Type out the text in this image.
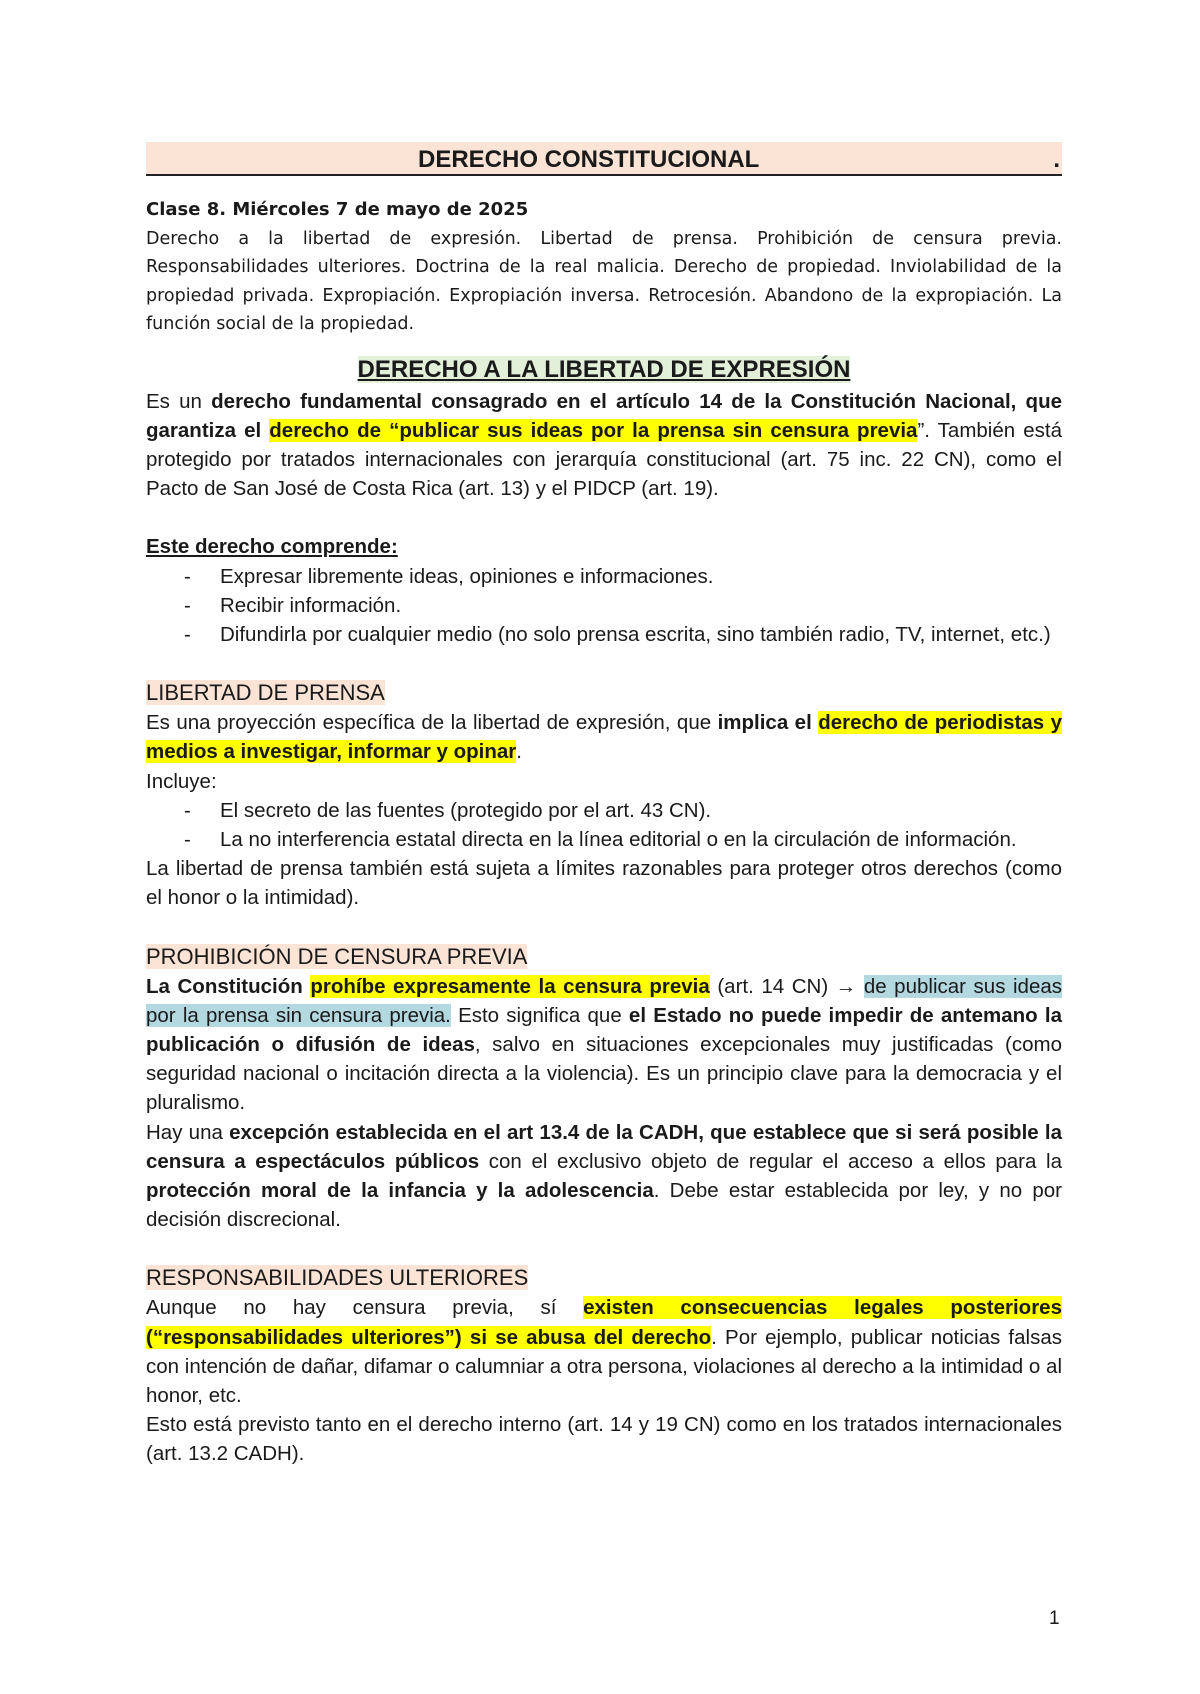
DERECHO CONSTITUCIONAL	.

Clase 8. Miércoles 7 de mayo de 2025

Derecho a la libertad de expresión. Libertad de prensa. Prohibición de censura previa. Responsabilidades ulteriores. Doctrina de la real malicia. Derecho de propiedad. Inviolabilidad de la propiedad privada. Expropiación. Expropiación inversa. Retrocesión. Abandono de la expropiación. La función social de la propiedad.

DERECHO A LA LIBERTAD DE EXPRESIÓN

Es un derecho fundamental consagrado en el artículo 14 de la Constitución Nacional, que garantiza el derecho de “publicar sus ideas por la prensa sin censura previa”. También está protegido por tratados internacionales con jerarquía constitucional (art. 75 inc. 22 CN), como el Pacto de San José de Costa Rica (art. 13) y el PIDCP (art. 19).

Este derecho comprende:

- Expresar libremente ideas, opiniones e informaciones.
- Recibir información.
- Difundirla por cualquier medio (no solo prensa escrita, sino también radio, TV, internet, etc.)

LIBERTAD DE PRENSA

Es una proyección específica de la libertad de expresión, que implica el derecho de periodistas y medios a investigar, informar y opinar.

Incluye:

- El secreto de las fuentes (protegido por el art. 43 CN).
- La no interferencia estatal directa en la línea editorial o en la circulación de información.

La libertad de prensa también está sujeta a límites razonables para proteger otros derechos (como el honor o la intimidad).

PROHIBICIÓN DE CENSURA PREVIA

La Constitución prohíbe expresamente la censura previa (art. 14 CN) → de publicar sus ideas por la prensa sin censura previa. Esto significa que el Estado no puede impedir de antemano la publicación o difusión de ideas, salvo en situaciones excepcionales muy justificadas (como seguridad nacional o incitación directa a la violencia). Es un principio clave para la democracia y el pluralismo.

Hay una excepción establecida en el art 13.4 de la CADH, que establece que si será posible la censura a espectáculos públicos con el exclusivo objeto de regular el acceso a ellos para la protección moral de la infancia y la adolescencia. Debe estar establecida por ley, y no por decisión discrecional.

RESPONSABILIDADES ULTERIORES

Aunque no hay censura previa, sí existen consecuencias legales posteriores (“responsabilidades ulteriores”) si se abusa del derecho. Por ejemplo, publicar noticias falsas con intención de dañar, difamar o calumniar a otra persona, violaciones al derecho a la intimidad o al honor, etc.

Esto está previsto tanto en el derecho interno (art. 14 y 19 CN) como en los tratados internacionales (art. 13.2 CADH).

1
